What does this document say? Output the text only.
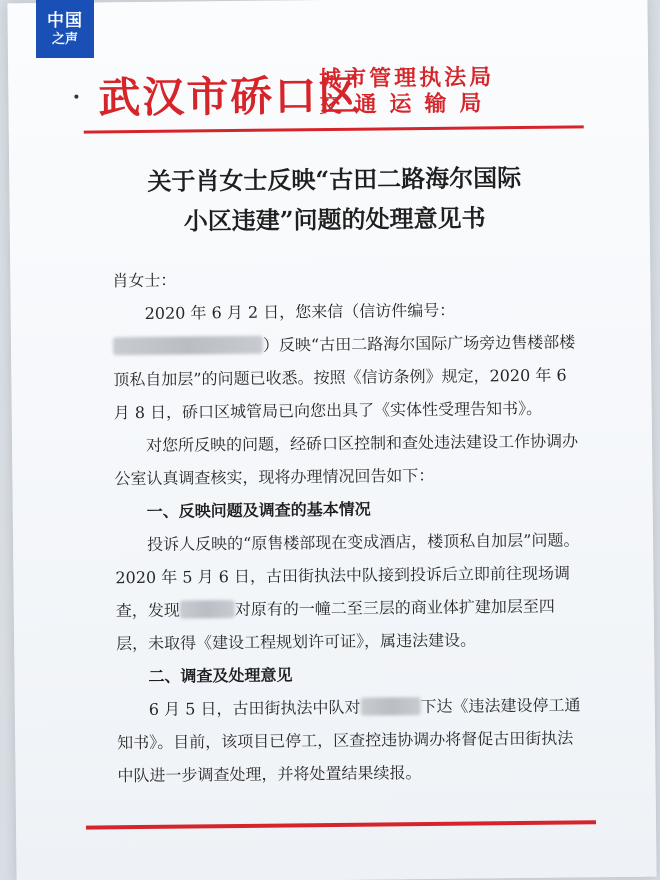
武汉市硚口区
城市管理执法局
交通运输局
关于肖女士反映“古田二路海尔国际
小区违建”问题的处理意见书

肖女士：

2020 年 6 月 2 日，您来信（信访件编号：）反映“古田二路海尔国际广场旁边售楼部楼顶私自加层”的问题已收悉。按照《信访条例》规定，2020 年 6 月 8 日，硚口区城管局已向您出具了《实体性受理告知书》。

对您所反映的问题，经硚口区控制和查处违法建设工作协调办公室认真调查核实，现将办理情况回告如下：

一、反映问题及调查的基本情况

投诉人反映的“原售楼部现在变成酒店，楼顶私自加层”问题。2020 年 5 月 6 日，古田街执法中队接到投诉后立即前往现场调查，发现	对原有的一幢二至三层的商业体扩建加层至四层，未取得《建设工程规划许可证》，属违法建设。

二、调查及处理意见

6 月 5 日，古田街执法中队对	下达《违法建设停工通知书》。目前，该项目已停工，区查控违协调办将督促古田街执法中队进一步调查处理，并将处置结果续报。

中国
之声
